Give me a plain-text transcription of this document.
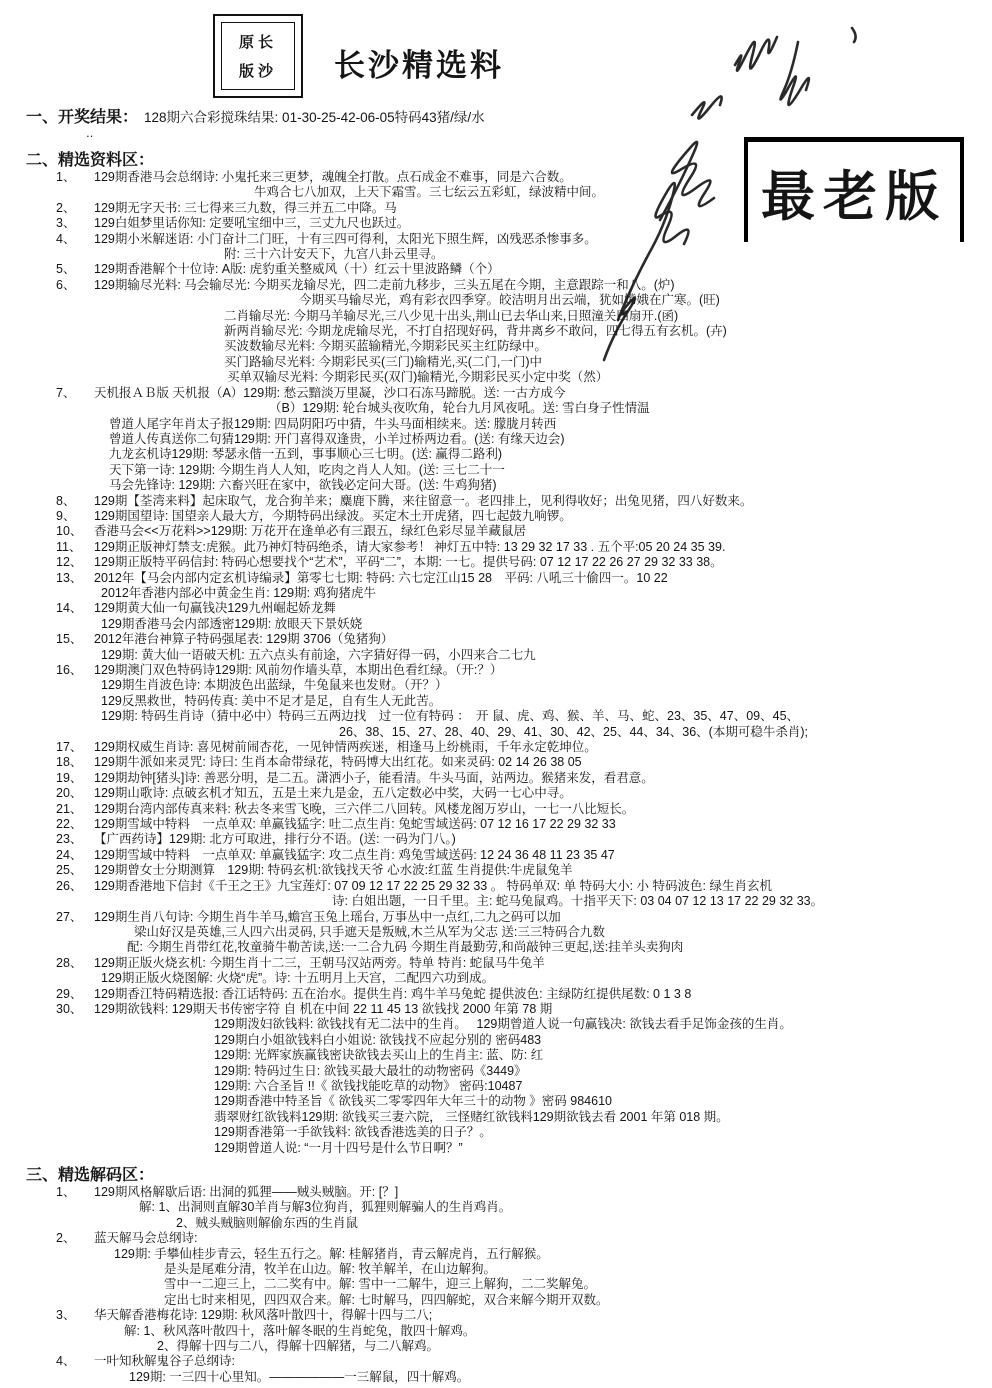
原长
版沙 长沙精选料
最老版
一、 开奖结果： 128期六合彩搅珠结果: 01-30-25-42-06-05特码43猪/绿/水
‥
二、 精选资料区：
1、	129期香港马会总纲诗: 小鬼托来三更梦，魂魄全打散。点石成金不难事，同是六合数。
牛鸡合七八加双，上天下霜雪。三七纭云五彩虹，绿波精中间。
2、	129期无字天书: 三七得来三九数，得三并五二中降。马
3、	129白姐梦里话你知: 定要吼宝细中三，三丈九尺也跃过。
4、	129期小米解迷语: 小门奋计二门旺，十有三四可得利，太阳光下照生辉，凶残恶杀惨事多。
附: 三十六计安天下，九宫八卦云里寻。
5、	129期香港解个十位诗: A版: 虎豹重关整威风（十）红云十里波路鳞（个）
6、	129期输尽光料: 马会输尽光: 今期买龙输尽光，四二走前九移步，三头五尾在今期，主意跟踪一和八。(炉)
今期买马输尽光，鸡有彩衣四季穿。皎洁明月出云端，犹如嫦娥在广寒。(旺)
二肖输尽光: 今期马羊输尽光,三八少见十出头,荆山已去华山来,日照潼关四扇开.(函)
新两肖输尽光: 今期龙虎输尽光，不打自招现好码，背井离乡不敢问，四七得五有玄机。(卉)
买波数输尽光料: 今期买蓝输精光,今期彩民买主红防绿中。
买门路输尽光料: 今期彩民买(三门)输精光,买(二门,一门)中
买单双输尽光料: 今期彩民买(双门)输精光,今期彩民买小定中奖（然）
7、	天机报ＡＢ版 天机报（A）129期: 愁云黯淡万里凝，沙口石冻马蹄脱。送: 一古方成今
（B）129期: 轮台城头夜吹角，轮台九月风夜吼。送: 雪白身子性情温
曾道人尾字年肖太子报129期: 四局阴阳巧中猜，牛头马面相续来。送: 朦胧月转西
曾道人传真送你二句猜129期: 开门喜得双逢贵，小羊过桥两边看。(送: 有缘天边会)
九龙玄机诗129期: 琴瑟永偕一五到，事事顺心三七明。(送: 赢得二路利)
天下第一诗: 129期: 今期生肖人人知，吃肉之肖人人知。(送: 三七二十一
马会先锋诗: 129期: 六畜兴旺在家中，欲钱必定问大哥。(送: 牛鸡狗猪)
8、	129期【荃湾来料】起床取气，龙合狗羊来；麋鹿下腾，来往留意一。老四排上，见利得收好；出兔见猪，四八好数来。
9、	129期国望诗: 国望亲人最大方，今期特码出绿波。买定木土开虎猪，四七起鼓九响锣。
10、 香港马会<<万花料>>129期: 万花开在逢单必有三跟五，绿红色彩尽显羊藏鼠居
11、	129期正版神灯禁支:虎猴。此乃神灯特码绝杀，请大家参考！ 神灯五中特: 13 29 32 17 33 . 五个平:05 20 24 35 39.
12、 129期正版特平码信封: 特码心想要找个“艺术”，平码“二”，本期: 一七。提供号码: 07 12 17 22 26 27 29 32 33 38。
13、 2012年【马会内部内定玄机诗编录】第零七七期: 特码: 六七定江山15 28　平码: 八吼三十偷四一。10 22
2012年香港内部必中黄金生肖: 129期: 鸡狗猪虎牛
14、 129期黄大仙一句赢钱决129九州崛起娇龙舞
129期香港马会内部透密129期: 放眼天下景妖娆
15、 2012年港台神算子特码强尾表: 129期 3706（兔猪狗）
129期: 黄大仙一语破天机: 五六点头有前途，六字猜好得一码，小四来合二七九
16、 129期澳门双色特码诗129期: 风前勿作墙头草，本期出色看红绿。（开:？）
129期生肖波色诗: 本期波色出蓝绿，牛兔鼠来也发财。（开？）
129反黑救世，特码传真: 美中不足才是足，自有生人无此苦。
129期: 特码生肖诗（猜中必中）特码三五两边找　过一位有特码 ：　开 鼠、虎、鸡、猴、羊、马、蛇、23、35、47、09、45、
26、38、15、27、28、40、29、41、30、42、25、44、34、36、(本期可稳牛杀肖);
17、 129期权威生肖诗: 喜见树前闹杏花，一见钟情两疾迷，相逢马上纷桃雨，千年永定乾坤位。
18、 129期牛派如来灵咒: 诗曰: 生肖本命带绿花，特码博大出红花。如来灵码: 02 14 26 38 05
19、 129期劫钟[猪头]诗: 善恶分明，是二五。潇洒小子，能看清。牛头马面，站两边。猴猪来发，看君意。
20、 129期山歌诗: 点破玄机才知五，五是土来九是金，五八定数必中奖，大码一七心中寻。
21、 129期台湾内部传真来料: 秋去冬来雪飞晚，三六伴二八回转。风楼龙阁万岁山，一七一八比短长。
22、 129期雪域中特料　一点单双: 单赢钱猛字: 吐二点生肖: 兔蛇雪域送码: 07 12 16 17 22 29 32 33
23、 【广西药诗】129期: 北方可取进，排行分不语。(送: 一码为门八。)
24、 129期雪域中特料　一点单双: 单赢钱猛字: 攻二点生肖: 鸡兔雪域送码: 12 24 36 48 11 23 35 47
25、 129期曾女士分期测算　129期: 特码玄机:欲钱找天爷 心水波:红蓝 生肖提供:牛虎鼠兔羊
26、 129期香港地下信封《千王之王》九宝莲灯: 07 09 12 17 22 25 29 32 33 。 特码单双: 单 特码大小: 小 特码波色: 绿生肖玄机
诗: 白姐出题，一日千里。主: 蛇马兔鼠鸡。十指平天下: 03 04 07 12 13 17 22 29 32 33。
27、 129期生肖八句诗: 今期生肖牛羊马,蟾宫玉兔上瑶台, 万事丛中一点红,二九之码可以加
梁山好汉是英雄,三人四六出灵码, 只手遮天是叛贼,木兰从军为父志 送:三三特码合九数
配: 今期生肖带红花,牧童骑牛勒苦读,送:一二合九码 今期生肖最勤劳,和尚敲钟三更起,送:挂羊头卖狗肉
28、 129期正版火烧玄机: 今期生肖十二三，王朝马汉站两旁。特单 特肖: 蛇鼠马牛兔羊
129期正版火烧图解: 火烧“虎”。诗: 十五明月上天宫，二配四六功到成。
29、 129期香江特码精选报: 香江话特码: 五在治水。提供生肖: 鸡牛羊马兔蛇 提供波色: 主绿防红提供尾数: 0 1 3 8
30、 129期欲钱料: 129期天书传密字符 自 机在中间 22 11 45 13 欲钱找 2000 年第 78 期
129期泼妇欲钱料: 欲钱找有无二法中的生肖。　 129期曾道人说一句赢钱决: 欲钱去看手足饰金孩的生肖。
129期白小姐欲钱料白小姐说: 欲钱找不应起分别的 密码483
129期: 光辉家族赢钱密诀欲钱去买山上的生肖主: 蓝、防: 红
129期: 特码过生日: 欲钱买最大最壮的动物密码《3449》
129期: 六合圣旨 !!《 欲钱找能吃草的动物》 密码:10487
129期香港中特圣旨《 欲钱买二零零四年大年三十的动物 》密码 984610
翡翠财红欲钱料129期: 欲钱买三妻六院， 三怪赌红欲钱料129期欲钱去看 2001 年第 018 期。
129期香港第一手欲钱料: 欲钱香港选美的日子？。
129期曾道人说: “一月十四号是什么节日啊？”
三、 精选解码区：
1、	129期风格解歇后语: 出洞的狐狸——贼头贼脑。开: [？]
解: 1、出洞则直解30羊肖与解3位狗肖，狐狸则解骗人的生肖鸡肖。
2、贼头贼脑则解偷东西的生肖鼠
2、	蓝天解马会总纲诗:
129期: 手攀仙桂步青云，轻生五行之。解: 桂解猪肖，青云解虎肖，五行解猴。
是头是尾难分清，牧羊在山边。解: 牧羊解羊，在山边解狗。
雪中一二迎三上，二二奖有中。解: 雪中一二解牛，迎三上解狗，二二奖解兔。
定出七时来相见，四四双合来。解: 七时解马，四四解蛇，双合来解今期开双数。
3、	华天解香港梅花诗: 129期: 秋风落叶散四十，得解十四与二八;
解: 1、秋风落叶散四十，落叶解冬眠的生肖蛇兔，散四十解鸡。
2、得解十四与二八，得解十四解猪，与二八解鸡。
4、	一叶知秋解鬼谷子总纲诗:
129期: 一三四十心里知。——————一三解鼠，四十解鸡。
